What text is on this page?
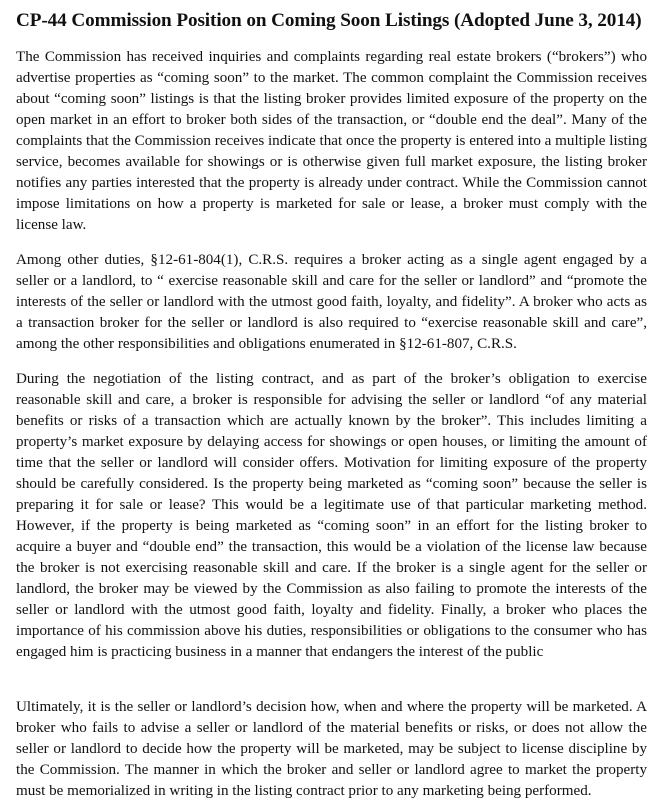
CP-44 Commission Position on Coming Soon Listings (Adopted June 3, 2014)

The Commission has received inquiries and complaints regarding real estate brokers (“brokers”) who advertise properties as “coming soon” to the market. The common complaint the Commission receives about “coming soon” listings is that the listing broker provides limited exposure of the property on the open market in an effort to broker both sides of the transaction, or “double end the deal”. Many of the complaints that the Commission receives indicate that once the property is entered into a multiple listing service, becomes available for showings or is otherwise given full market exposure, the listing broker notifies any parties interested that the property is already under contract. While the Commission cannot impose limitations on how a property is marketed for sale or lease, a broker must comply with the license law.

Among other duties, §12-61-804(1), C.R.S. requires a broker acting as a single agent engaged by a seller or a landlord, to “ exercise reasonable skill and care for the seller or landlord” and “promote the interests of the seller or landlord with the utmost good faith, loyalty, and fidelity”. A broker who acts as a transaction broker for the seller or landlord is also required to “exercise reasonable skill and care”, among the other responsibilities and obligations enumerated in §12-61-807, C.R.S.

During the negotiation of the listing contract, and as part of the broker’s obligation to exercise reasonable skill and care, a broker is responsible for advising the seller or landlord “of any material benefits or risks of a transaction which are actually known by the broker”. This includes limiting a property’s market exposure by delaying access for showings or open houses, or limiting the amount of time that the seller or landlord will consider offers. Motivation for limiting exposure of the property should be carefully considered. Is the property being marketed as “coming soon” because the seller is preparing it for sale or lease? This would be a legitimate use of that particular marketing method. However, if the property is being marketed as “coming soon” in an effort for the listing broker to acquire a buyer and “double end” the transaction, this would be a violation of the license law because the broker is not exercising reasonable skill and care. If the broker is a single agent for the seller or landlord, the broker may be viewed by the Commission as also failing to promote the interests of the seller or landlord with the utmost good faith, loyalty and fidelity. Finally, a broker who places the importance of his commission above his duties, responsibilities or obligations to the consumer who has engaged him is practicing business in a manner that endangers the interest of the public

Ultimately, it is the seller or landlord’s decision how, when and where the property will be marketed. A broker who fails to advise a seller or landlord of the material benefits or risks, or does not allow the seller or landlord to decide how the property will be marketed, may be subject to license discipline by the Commission. The manner in which the broker and seller or landlord agree to market the property must be memorialized in writing in the listing contract prior to any marketing being performed.
